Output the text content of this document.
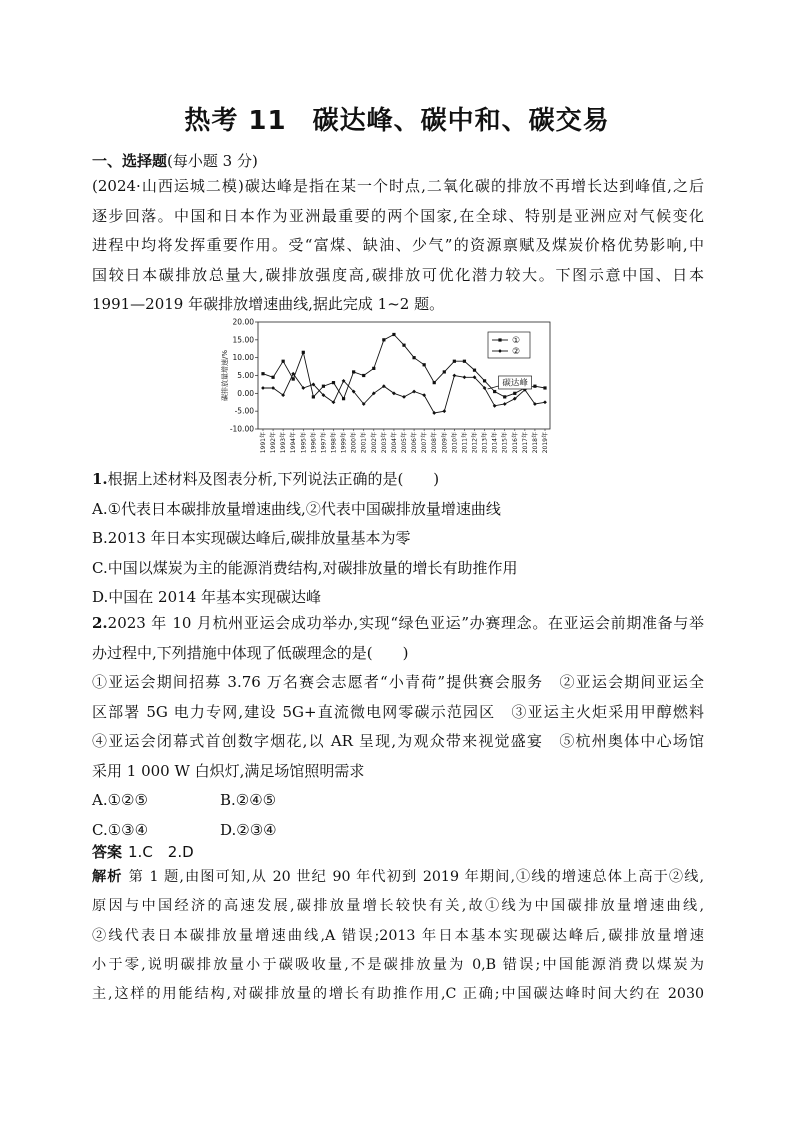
热考 11 碳达峰、碳中和、碳交易
一、选择题(每小题 3 分)
(2024·山西运城二模)碳达峰是指在某一个时点,二氧化碳的排放不再增长达到峰值,之后
逐步回落。中国和日本作为亚洲最重要的两个国家,在全球、特别是亚洲应对气候变化
进程中均将发挥重要作用。受“富煤、缺油、少气”的资源禀赋及煤炭价格优势影响,中
国较日本碳排放总量大,碳排放强度高,碳排放可优化潜力较大。下图示意中国、日本
1991—2019 年碳排放增速曲线,据此完成 1~2 题。
20.00
15.00
10.00
5.00
0.00
-5.00
-10.00
碳排放量增速/%
1991年 1992年 1993年 1994年 1995年 1996年 1997年 1998年 1999年 2000年 2001年 2002年 2003年 2004年 2005年 2006年 2007年 2008年 2009年 2010年 2011年 2012年 2013年 2014年 2015年 2016年 2017年 2018年 2019年
①
②
碳达峰
1.根据上述材料及图表分析,下列说法正确的是(　　)
A.①代表日本碳排放量增速曲线,②代表中国碳排放量增速曲线
B.2013 年日本实现碳达峰后,碳排放量基本为零
C.中国以煤炭为主的能源消费结构,对碳排放量的增长有助推作用
D.中国在 2014 年基本实现碳达峰
2.2023 年 10 月杭州亚运会成功举办,实现“绿色亚运”办赛理念。在亚运会前期准备与举
办过程中,下列措施中体现了低碳理念的是(　　)
①亚运会期间招募 3.76 万名赛会志愿者“小青荷”提供赛会服务　②亚运会期间亚运全
区部署 5G 电力专网,建设 5G+直流微电网零碳示范园区　③亚运主火炬采用甲醇燃料
④亚运会闭幕式首创数字烟花,以 AR 呈现,为观众带来视觉盛宴　⑤杭州奥体中心场馆
采用 1 000 W 白炽灯,满足场馆照明需求
A.①②⑤	B.②④⑤
C.①③④	D.②③④
答案 1.C　2.D
解析 第 1 题,由图可知,从 20 世纪 90 年代初到 2019 年期间,①线的增速总体上高于②线,
原因与中国经济的高速发展,碳排放量增长较快有关,故①线为中国碳排放量增速曲线,
②线代表日本碳排放量增速曲线,A 错误;2013 年日本基本实现碳达峰后,碳排放量增速
小于零,说明碳排放量小于碳吸收量,不是碳排放量为 0,B 错误;中国能源消费以煤炭为
主,这样的用能结构,对碳排放量的增长有助推作用,C 正确;中国碳达峰时间大约在 2030
